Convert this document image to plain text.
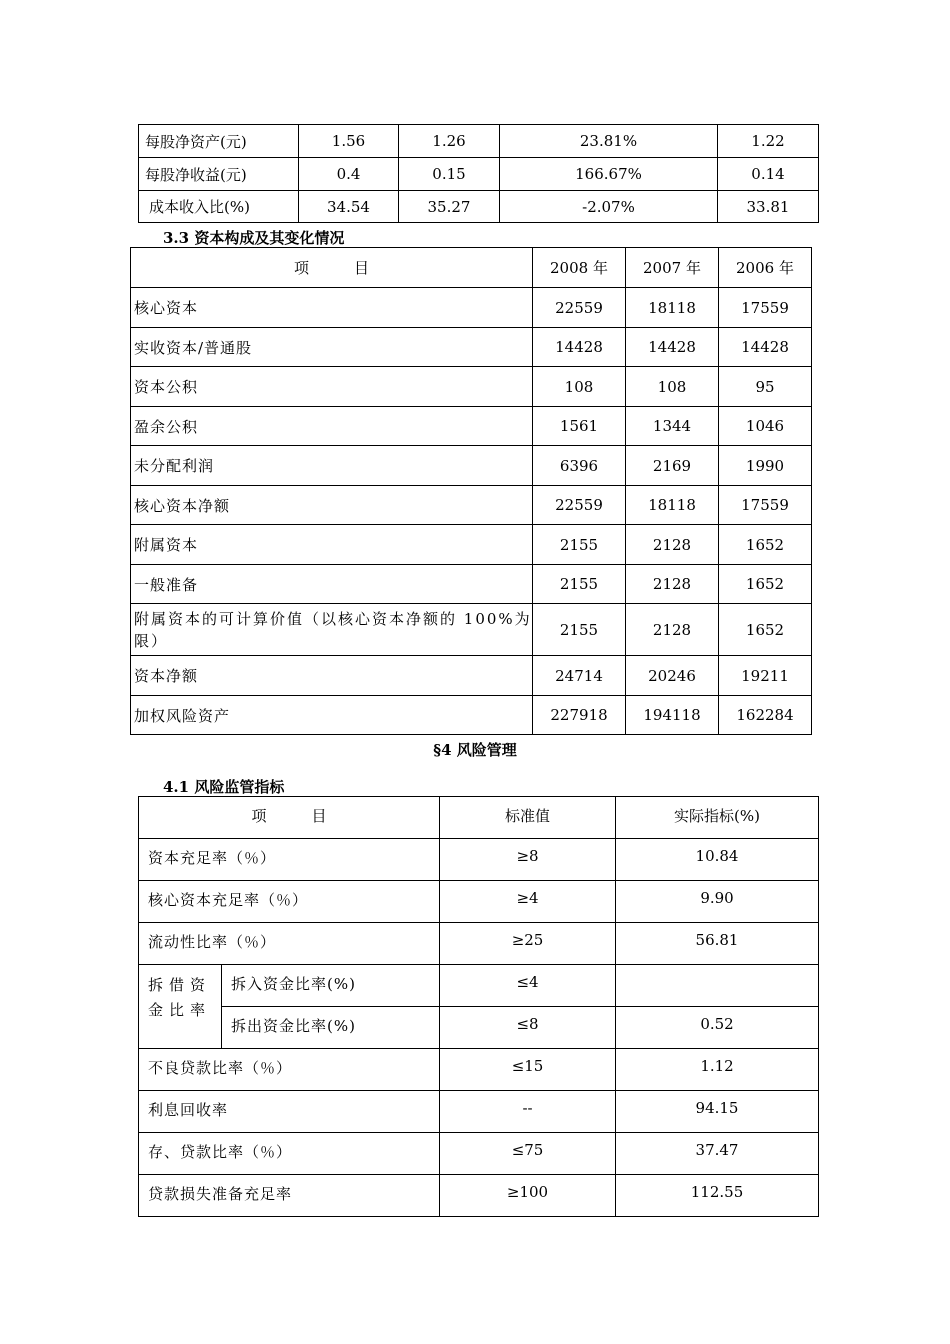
每股净资产(元)	1.56	1.26	23.81%	1.22
每股净收益(元)	0.4	0.15	166.67%	0.14
成本收入比(%)	34.54	35.27	-2.07%	33.81
3.3 资本构成及其变化情况
项　　　目	2008 年	2007 年	2006 年
核心资本	22559	18118	17559
实收资本/普通股	14428	14428	14428
资本公积	108	108	95
盈余公积	1561	1344	1046
未分配利润	6396	2169	1990
核心资本净额	22559	18118	17559
附属资本	2155	2128	1652
一般准备	2155	2128	1652
附属资本的可计算价值（以核心资本净额的 100%为限）	2155	2128	1652
资本净额	24714	20246	19211
加权风险资产	227918	194118	162284
§4 风险管理
4.1 风险监管指标
项　　　目		标准值	实际指标(%)
资本充足率（％）		≥8	10.84
核心资本充足率（％）		≥4	9.90
流动性比率（％）		≥25	56.81
拆借资金比率	拆入资金比率(%)	≤4	
	拆出资金比率(%)	≤8	0.52
不良贷款比率（％）		≤15	1.12
利息回收率		--	94.15
存、贷款比率（％）		≤75	37.47
贷款损失准备充足率		≥100	112.55
